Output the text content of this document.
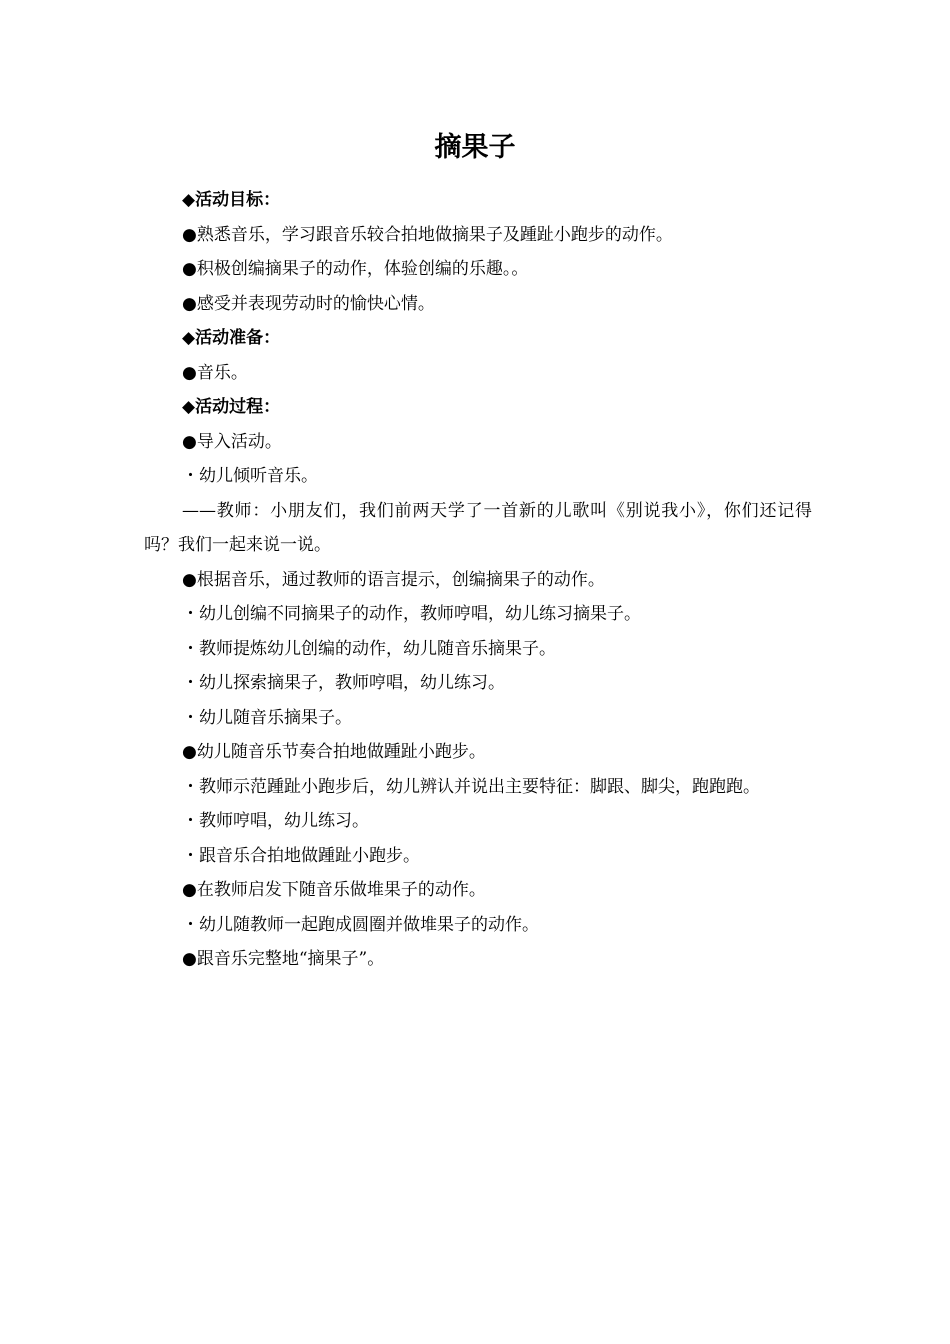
摘果子

◆活动目标：

●熟悉音乐，学习跟音乐较合拍地做摘果子及踵趾小跑步的动作。

●积极创编摘果子的动作，体验创编的乐趣。。

●感受并表现劳动时的愉快心情。

◆活动准备：

●音乐。

◆活动过程：

●导入活动。

・幼儿倾听音乐。

——教师：小朋友们，我们前两天学了一首新的儿歌叫《别说我小》，你们还记得吗？我们一起来说一说。

●根据音乐，通过教师的语言提示，创编摘果子的动作。

・幼儿创编不同摘果子的动作，教师哼唱，幼儿练习摘果子。

・教师提炼幼儿创编的动作，幼儿随音乐摘果子。

・幼儿探索摘果子，教师哼唱，幼儿练习。

・幼儿随音乐摘果子。

●幼儿随音乐节奏合拍地做踵趾小跑步。

・教师示范踵趾小跑步后，幼儿辨认并说出主要特征：脚跟、脚尖，跑跑跑。

・教师哼唱，幼儿练习。

・跟音乐合拍地做踵趾小跑步。

●在教师启发下随音乐做堆果子的动作。

・幼儿随教师一起跑成圆圈并做堆果子的动作。

●跟音乐完整地“摘果子”。
